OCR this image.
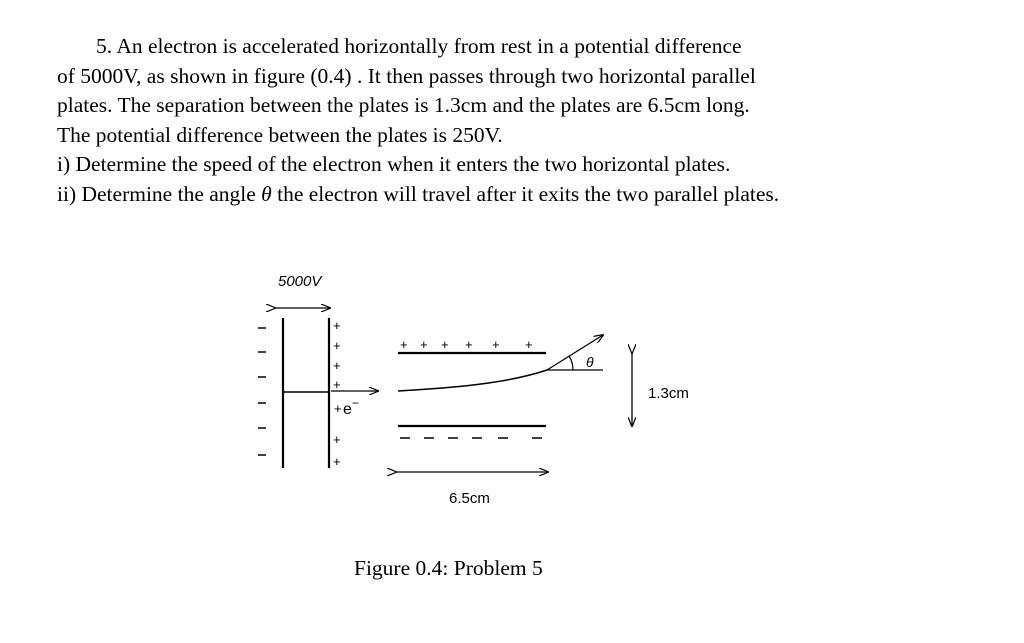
5. An electron is accelerated horizontally from rest in a potential difference

of 5000V, as shown in figure (0.4) . It then passes through two horizontal parallel

plates. The separation between the plates is 1.3cm and the plates are 6.5cm long.

The potential difference between the plates is 250V.

i) Determine the speed of the electron when it enters the two horizontal plates.

ii) Determine the angle θ the electron will travel after it exits the two parallel plates.

5000V
+
+
+
+
+
+
+
e−
+ + + + + +
θ
1.3cm
6.5cm
Figure 0.4: Problem 5
